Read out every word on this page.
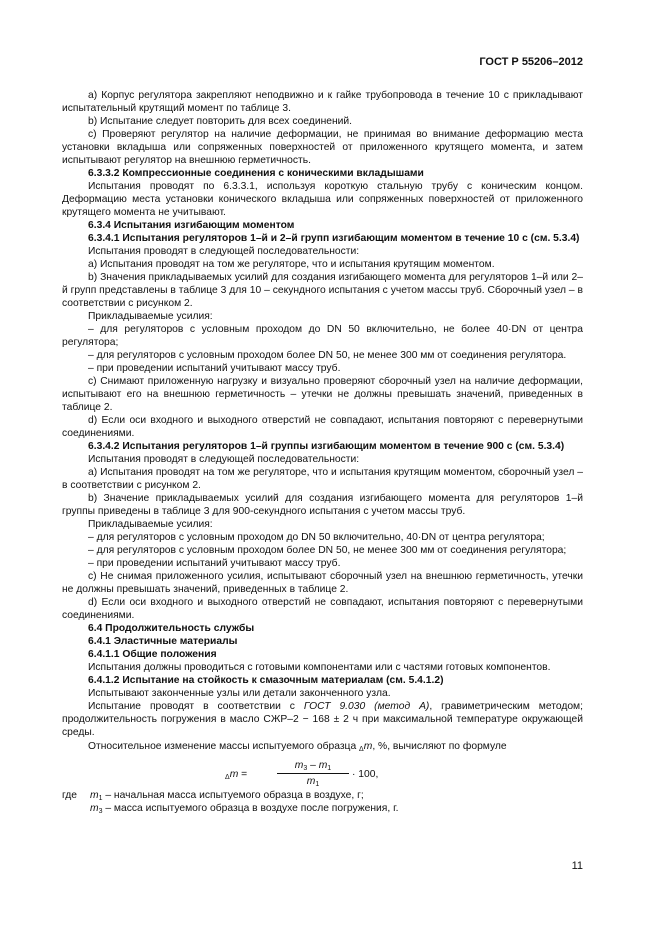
ГОСТ Р 55206–2012

а) Корпус регулятора закрепляют неподвижно и к гайке трубопровода в течение 10 с прикладывают испытательный крутящий момент по таблице 3.

b) Испытание следует повторить для всех соединений.

c) Проверяют регулятор на наличие деформации, не принимая во внимание деформацию места установки вкладыша или сопряженных поверхностей от приложенного крутящего момента, и затем испытывают регулятор на внешнюю герметичность.

6.3.3.2 Компрессионные соединения с коническими вкладышами

Испытания проводят по 6.3.3.1, используя короткую стальную трубу с коническим концом. Деформацию места установки конического вкладыша или сопряженных поверхностей от приложенного крутящего момента не учитывают.

6.3.4 Испытания изгибающим моментом

6.3.4.1 Испытания регуляторов 1–й и 2–й групп изгибающим моментом в течение 10 с (см. 5.3.4)

Испытания проводят в следующей последовательности:

а) Испытания проводят на том же регуляторе, что и испытания крутящим моментом.

b) Значения прикладываемых усилий для создания изгибающего момента для регуляторов 1–й или 2–й групп представлены в таблице 3 для 10 – секундного испытания с учетом массы труб. Сборочный узел – в соответствии с рисунком 2.

Прикладываемые усилия:

– для регуляторов с условным проходом до DN 50 включительно, не более 40·DN от центра регулятора;

– для регуляторов с условным проходом более DN 50, не менее 300 мм от соединения регулятора.

– при проведении испытаний учитывают массу труб.

c) Снимают приложенную нагрузку и визуально проверяют сборочный узел на наличие деформации, испытывают его на внешнюю герметичность – утечки не должны превышать значений, приведенных в таблице 2.

d) Если оси входного и выходного отверстий не совпадают, испытания повторяют с перевернутыми соединениями.

6.3.4.2 Испытания регуляторов 1–й группы изгибающим моментом в течение 900 с (см. 5.3.4)

Испытания проводят в следующей последовательности:

а) Испытания проводят на том же регуляторе, что и испытания крутящим моментом, сборочный узел – в соответствии с рисунком 2.

b) Значение прикладываемых усилий для создания изгибающего момента для регуляторов 1–й группы приведены в таблице 3 для 900-секундного испытания с учетом массы труб.

Прикладываемые усилия:

– для регуляторов с условным проходом до DN 50 включительно, 40·DN от центра регулятора;

– для регуляторов с условным проходом более DN 50, не менее 300 мм от соединения регулятора;

– при проведении испытаний учитывают массу труб.

c) Не снимая приложенного усилия, испытывают сборочный узел на внешнюю герметичность, утечки не должны превышать значений, приведенных в таблице 2.

d) Если оси входного и выходного отверстий не совпадают, испытания повторяют с перевернутыми соединениями.

6.4 Продолжительность службы

6.4.1 Эластичные материалы

6.4.1.1 Общие положения

Испытания должны проводиться с готовыми компонентами или с частями готовых компонентов.

6.4.1.2 Испытание на стойкость к смазочным материалам (см. 5.4.1.2)

Испытывают законченные узлы или детали законченного узла.

Испытание проводят в соответствии с ГОСТ 9.030 (метод А), гравиметрическим методом; продолжительность погружения в масло СЖР–2 − 168 ± 2 ч при максимальной температуре окружающей среды.

Относительное изменение массы испытуемого образца $_\Delta$m, %, вычисляют по формуле

$_\Delta$m =	$\frac{m_3 - m_1}{m_1} \cdot 100$,
где $m_1$ – начальная масса испытуемого образца в воздухе, г;
$m_3$ – масса испытуемого образца в воздухе после погружения, г.
11
